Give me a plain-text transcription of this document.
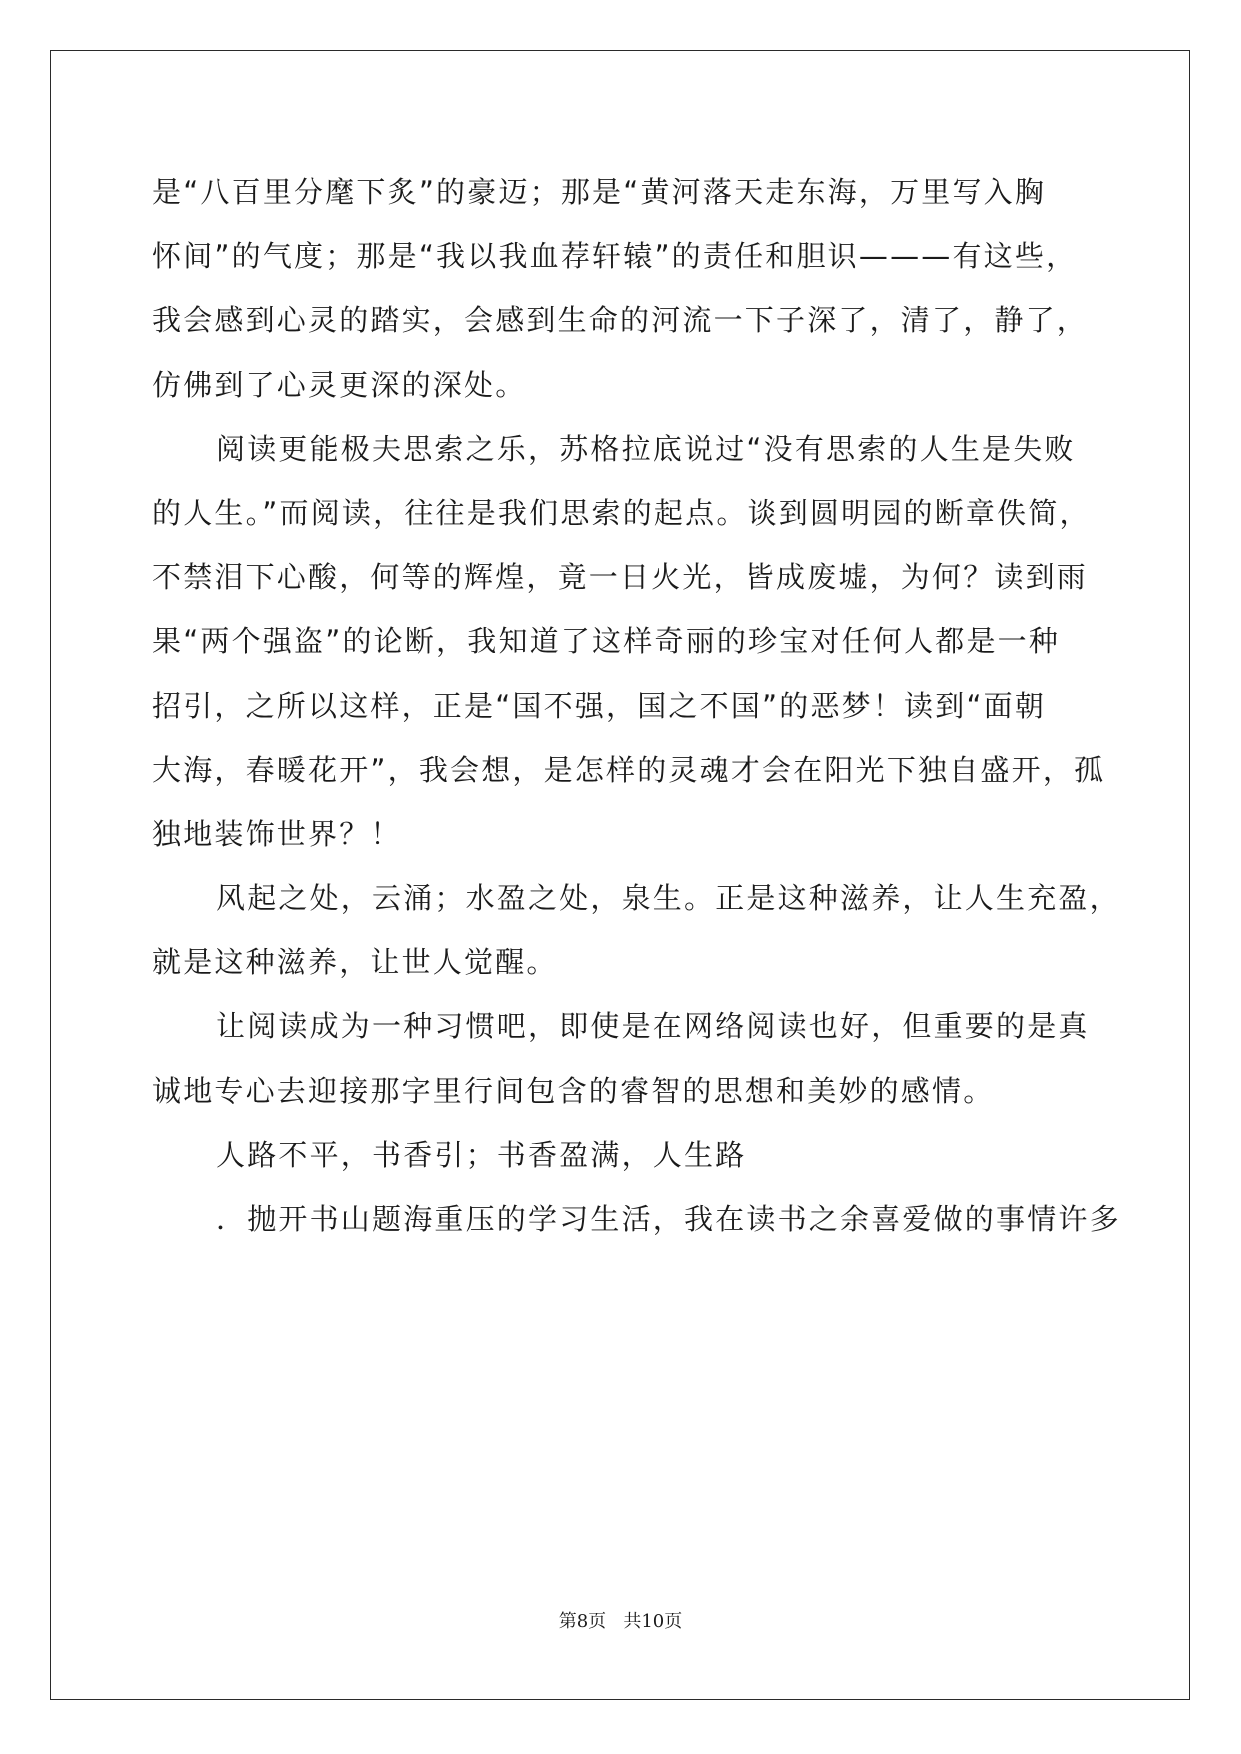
是“八百里分麾下炙”的豪迈；那是“黄河落天走东海，万里写入胸
怀间”的气度；那是“我以我血荐轩辕”的责任和胆识———有这些，
我会感到心灵的踏实，会感到生命的河流一下子深了，清了，静了，
仿佛到了心灵更深的深处。
阅读更能极夫思索之乐，苏格拉底说过“没有思索的人生是失败
的人生。”而阅读，往往是我们思索的起点。谈到圆明园的断章佚简，
不禁泪下心酸，何等的辉煌，竟一日火光，皆成废墟，为何？读到雨
果“两个强盗”的论断，我知道了这样奇丽的珍宝对任何人都是一种
招引，之所以这样，正是“国不强，国之不国”的恶梦！读到“面朝
大海，春暖花开”，我会想，是怎样的灵魂才会在阳光下独自盛开，孤
独地装饰世界？！
风起之处，云涌；水盈之处，泉生。正是这种滋养，让人生充盈，
就是这种滋养，让世人觉醒。
让阅读成为一种习惯吧，即使是在网络阅读也好，但重要的是真
诚地专心去迎接那字里行间包含的睿智的思想和美妙的感情。
人路不平，书香引；书香盈满，人生路
．抛开书山题海重压的学习生活，我在读书之余喜爱做的事情许多
第8页 共10页
